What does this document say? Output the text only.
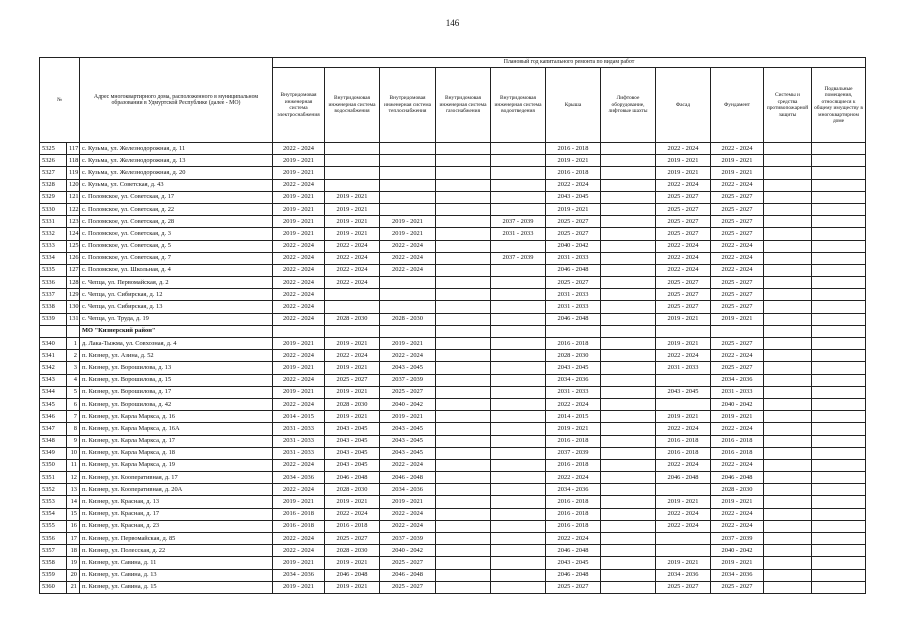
146
№		Адрес многоквартирного дома, расположенного в муниципальном образовании в Удмуртской Республике (далее - МО)	Плановый год капитального ремонта по видам работ										
			Внутридомовая инженерная система электроснабжения	Внутридомовая инженерная система водоснабжения	Внутридомовая инженерная система теплоснабжения	Внутридомовая инженерная система газоснабжения	Внутридомовая инженерная система водоотведения	Крыша	Лифтовое оборудование, лифтовые шахты	Фасад	Фундамент	Системы и средства противопожарной защиты	Подвальные помещения, относящиеся к общему имуществу в многоквартирном доме
5325	117	с. Кузьма, ул. Железнодорожная, д. 11	2022 - 2024					2016 - 2018		2022 - 2024	2022 - 2024		
5326	118	с. Кузьма, ул. Железнодорожная, д. 13	2019 - 2021					2019 - 2021		2019 - 2021	2019 - 2021		
5327	119	с. Кузьма, ул. Железнодорожная, д. 20	2019 - 2021					2016 - 2018		2019 - 2021	2019 - 2021		
5328	120	с. Кузьма, ул. Советская, д. 43	2022 - 2024					2022 - 2024		2022 - 2024	2022 - 2024		
5329	121	с. Поломское, ул. Советская, д. 17	2019 - 2021	2019 - 2021				2043 - 2045		2025 - 2027	2025 - 2027		
5330	122	с. Поломское, ул. Советская, д. 22	2019 - 2021	2019 - 2021				2019 - 2021		2025 - 2027	2025 - 2027		
5331	123	с. Поломское, ул. Советская, д. 28	2019 - 2021	2019 - 2021	2019 - 2021		2037 - 2039	2025 - 2027		2025 - 2027	2025 - 2027		
5332	124	с. Поломское, ул. Советская, д. 3	2019 - 2021	2019 - 2021	2019 - 2021		2031 - 2033	2025 - 2027		2025 - 2027	2025 - 2027		
5333	125	с. Поломское, ул. Советская, д. 5	2022 - 2024	2022 - 2024	2022 - 2024			2040 - 2042		2022 - 2024	2022 - 2024		
5334	126	с. Поломское, ул. Советская, д. 7	2022 - 2024	2022 - 2024	2022 - 2024		2037 - 2039	2031 - 2033		2022 - 2024	2022 - 2024		
5335	127	с. Поломское, ул. Школьная, д. 4	2022 - 2024	2022 - 2024	2022 - 2024			2046 - 2048		2022 - 2024	2022 - 2024		
5336	128	с. Чепца, ул. Первомайская, д. 2	2022 - 2024	2022 - 2024				2025 - 2027		2025 - 2027	2025 - 2027		
5337	129	с. Чепца, ул. Сибирская, д. 12	2022 - 2024					2031 - 2033		2025 - 2027	2025 - 2027		
5338	130	с. Чепца, ул. Сибирская, д. 13	2022 - 2024					2031 - 2033		2025 - 2027	2025 - 2027		
5339	131	с. Чепца, ул. Труда, д. 19	2022 - 2024	2028 - 2030	2028 - 2030			2046 - 2048		2019 - 2021	2019 - 2021		
		МО "Кизнерский район"											
5340	1	д. Лака-Тыжма, ул. Совхозная, д. 4	2019 - 2021	2019 - 2021	2019 - 2021			2016 - 2018		2019 - 2021	2025 - 2027		
5341	2	п. Кизнер, ул. Азина, д. 52	2022 - 2024	2022 - 2024	2022 - 2024			2028 - 2030		2022 - 2024	2022 - 2024		
5342	3	п. Кизнер, ул. Ворошилова, д. 13	2019 - 2021	2019 - 2021	2043 - 2045			2043 - 2045		2031 - 2033	2025 - 2027		
5343	4	п. Кизнер, ул. Ворошилова, д. 15	2022 - 2024	2025 - 2027	2037 - 2039			2034 - 2036			2034 - 2036		
5344	5	п. Кизнер, ул. Ворошилова, д. 17	2019 - 2021	2019 - 2021	2025 - 2027			2031 - 2033		2043 - 2045	2031 - 2033		
5345	6	п. Кизнер, ул. Ворошилова, д. 42	2022 - 2024	2028 - 2030	2040 - 2042			2022 - 2024			2040 - 2042		
5346	7	п. Кизнер, ул. Карла Маркса, д. 16	2014 - 2015	2019 - 2021	2019 - 2021			2014 - 2015		2019 - 2021	2019 - 2021		
5347	8	п. Кизнер, ул. Карла Маркса, д. 16А	2031 - 2033	2043 - 2045	2043 - 2045			2019 - 2021		2022 - 2024	2022 - 2024		
5348	9	п. Кизнер, ул. Карла Маркса, д. 17	2031 - 2033	2043 - 2045	2043 - 2045			2016 - 2018		2016 - 2018	2016 - 2018		
5349	10	п. Кизнер, ул. Карла Маркса, д. 18	2031 - 2033	2043 - 2045	2043 - 2045			2037 - 2039		2016 - 2018	2016 - 2018		
5350	11	п. Кизнер, ул. Карла Маркса, д. 19	2022 - 2024	2043 - 2045	2022 - 2024			2016 - 2018		2022 - 2024	2022 - 2024		
5351	12	п. Кизнер, ул. Кооперативная, д. 17	2034 - 2036	2046 - 2048	2046 - 2048			2022 - 2024		2046 - 2048	2046 - 2048		
5352	13	п. Кизнер, ул. Кооперативная, д. 20А	2022 - 2024	2028 - 2030	2034 - 2036			2034 - 2036			2028 - 2030		
5353	14	п. Кизнер, ул. Красная, д. 13	2019 - 2021	2019 - 2021	2019 - 2021			2016 - 2018		2019 - 2021	2019 - 2021		
5354	15	п. Кизнер, ул. Красная, д. 17	2016 - 2018	2022 - 2024	2022 - 2024			2016 - 2018		2022 - 2024	2022 - 2024		
5355	16	п. Кизнер, ул. Красная, д. 23	2016 - 2018	2016 - 2018	2022 - 2024			2016 - 2018		2022 - 2024	2022 - 2024		
5356	17	п. Кизнер, ул. Первомайская, д. 85	2022 - 2024	2025 - 2027	2037 - 2039			2022 - 2024			2037 - 2039		
5357	18	п. Кизнер, ул. Полесская, д. 22	2022 - 2024	2028 - 2030	2040 - 2042			2046 - 2048			2040 - 2042		
5358	19	п. Кизнер, ул. Савина, д. 11	2019 - 2021	2019 - 2021	2025 - 2027			2043 - 2045		2019 - 2021	2019 - 2021		
5359	20	п. Кизнер, ул. Савина, д. 13	2034 - 2036	2046 - 2048	2046 - 2048			2046 - 2048		2034 - 2036	2034 - 2036		
5360	21	п. Кизнер, ул. Савина, д. 15	2019 - 2021	2019 - 2021	2025 - 2027			2025 - 2027		2025 - 2027	2025 - 2027		
